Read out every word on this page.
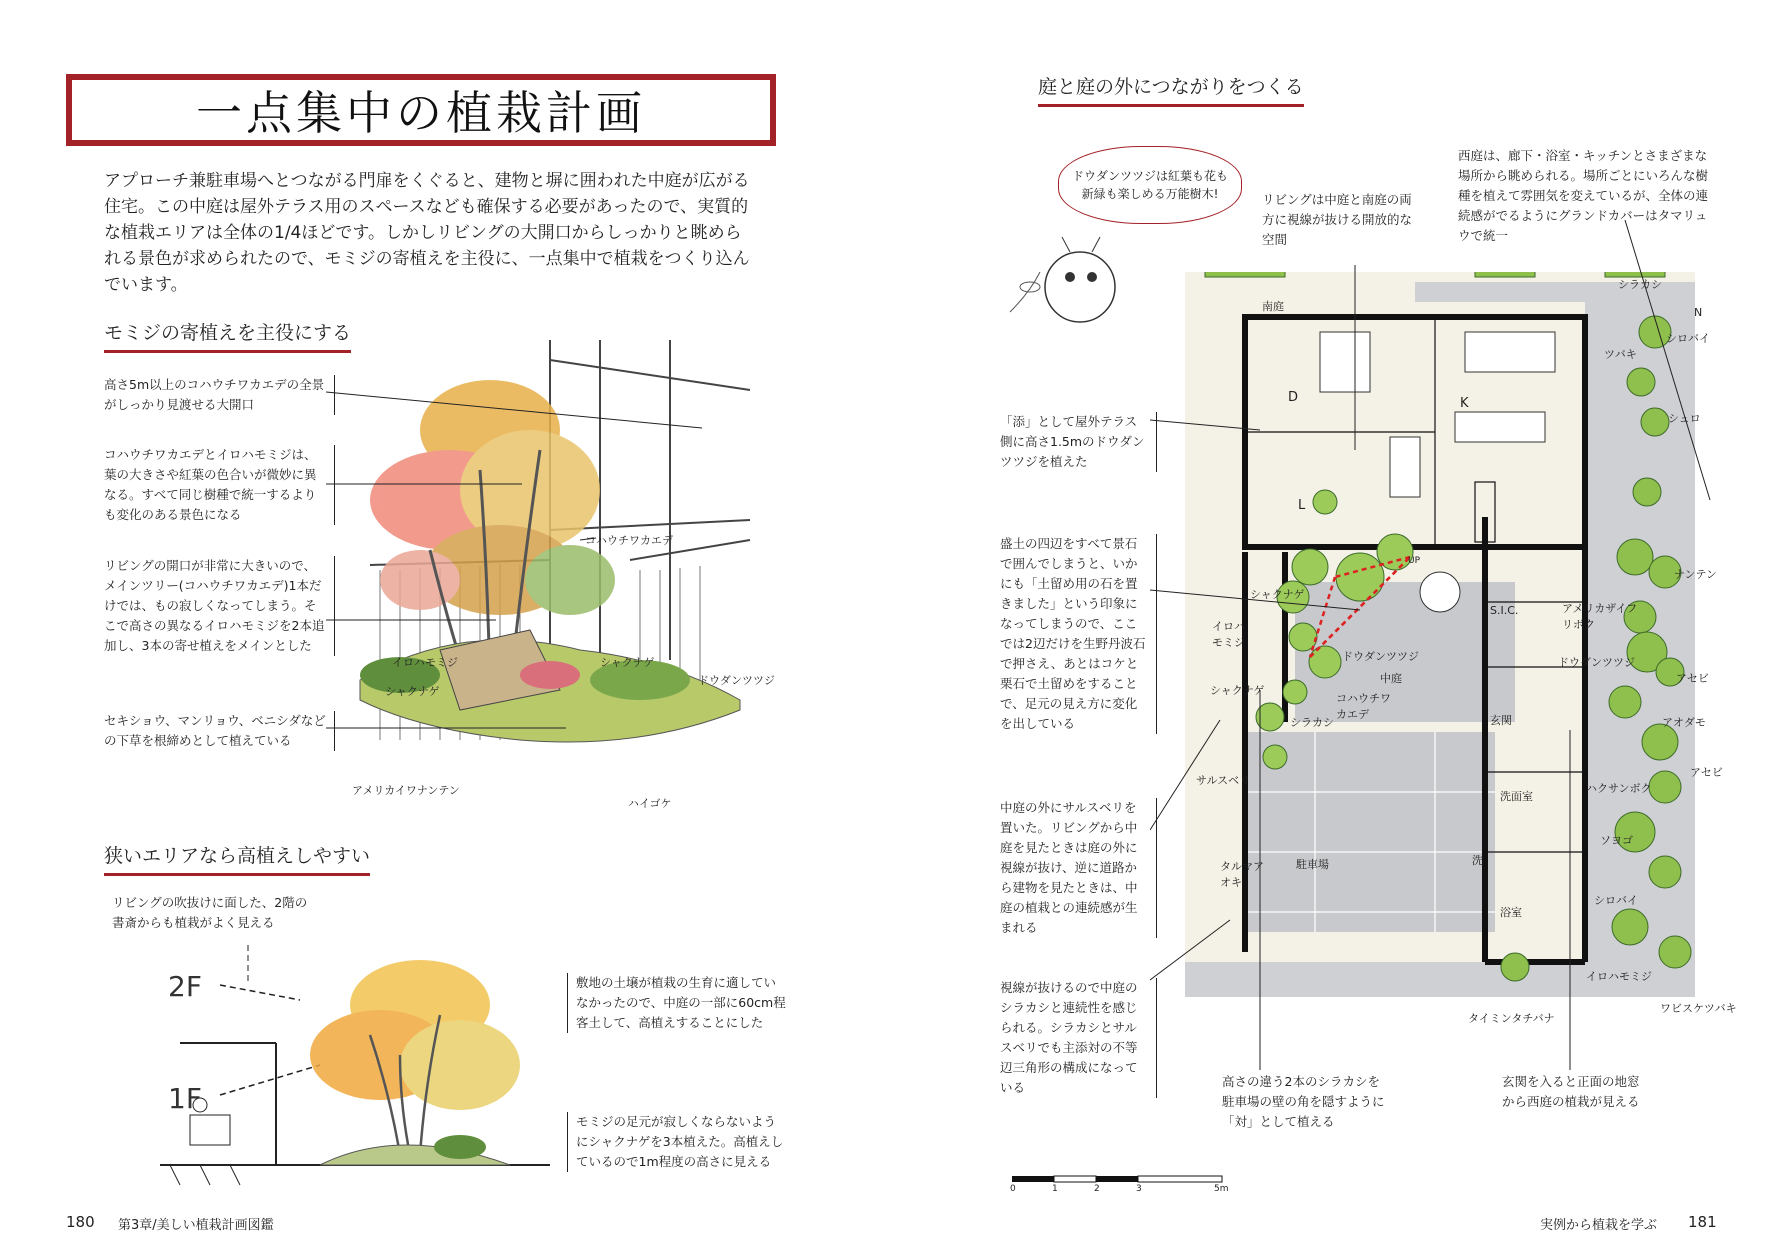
一点集中の植栽計画
アプローチ兼駐車場へとつながる門扉をくぐると、建物と塀に囲われた中庭が広がる住宅。この中庭は屋外テラス用のスペースなども確保する必要があったので、実質的な植栽エリアは全体の1/4ほどです。しかしリビングの大開口からしっかりと眺められる景色が求められたので、モミジの寄植えを主役に、一点集中で植栽をつくり込んでいます。
モミジの寄植えを主役にする
高さ5m以上のコハウチワカエデの全景がしっかり見渡せる大開口
コハウチワカエデとイロハモミジは、葉の大きさや紅葉の色合いが微妙に異なる。すべて同じ樹種で統一するよりも変化のある景色になる
リビングの開口が非常に大きいので、メインツリー(コハウチワカエデ)1本だけでは、もの寂しくなってしまう。そこで高さの異なるイロハモミジを2本追加し、3本の寄せ植えをメインとした
セキショウ、マンリョウ、ベニシダなどの下草を根締めとして植えている
コハウチワカエデ
イロハモミジ	シャクナゲ
シャクナゲ
ドウダンツツジ
アメリカイワナンテン
ハイゴケ
狭いエリアなら高植えしやすい
リビングの吹抜けに面した、2階の書斎からも植栽がよく見える
2F
1F
敷地の土壌が植栽の生育に適していなかったので、中庭の一部に60cm程客土して、高植えすることにした
モミジの足元が寂しくならないようにシャクナゲを3本植えた。高植えしているので1m程度の高さに見える
180 第3章/美しい植栽計画図鑑
庭と庭の外につながりをつくる
ドウダンツツジは紅葉も花も新緑も楽しめる万能樹木!	リビングは中庭と南庭の両方に視線が抜ける開放的な空間
西庭は、廊下・浴室・キッチンとさまざまな場所から眺められる。場所ごとにいろんな樹種を植えて雰囲気を変えているが、全体の連続感がでるようにグランドカバーはタマリュウで統一
「添」として屋外テラス側に高さ1.5mのドウダンツツジを植えた
盛土の四辺をすべて景石で囲んでしまうと、いかにも「土留め用の石を置きました」という印象になってしまうので、ここでは2辺だけを生野丹波石で押さえ、あとはコケと栗石で土留めをすることで、足元の見え方に変化を出している
中庭の外にサルスベリを置いた。リビングから中庭を見たときは庭の外に視線が抜け、逆に道路から建物を見たときは、中庭の植栽との連続感が生まれる
視線が抜けるので中庭のシラカシと連続性を感じられる。シラカシとサルスベリでも主添対の不等辺三角形の構成になっている	高さの違う2本のシラカシを駐車場の壁の角を隠すように「対」として植える
玄関を入ると正面の地窓から西庭の植栽が見える
南庭
D	K
L
UP
S.I.C.
中庭
玄関
駐車場
洗面室
洗
浴室
N
シラカシ
シロバイ
ツバキ
シュロ
ナンテン
アメリカザイフリボク
ドウダンツツジ
アセビ
アオダモ
アセビ
ハクサンボク
ソヨゴ
シロバイ
イロハモミジ
ワビスケツバキ
タイミンタチバナ
シャクナゲ
イロハモミジ
ドウダンツツジ
シャクナゲ
コハウチワカエデ
シラカシ
サルスベリ
タルマアオキ
0	1	2	3	5m
実例から植栽を学ぶ 181
